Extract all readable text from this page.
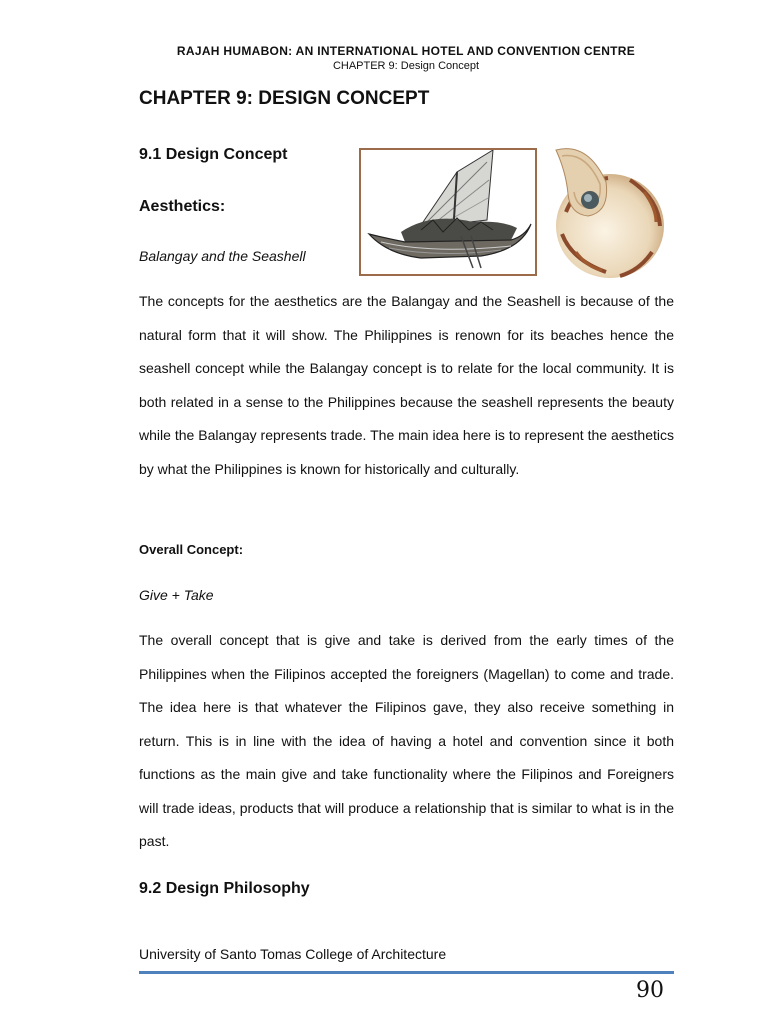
RAJAH HUMABON: AN INTERNATIONAL HOTEL AND CONVENTION CENTRE
CHAPTER 9: Design Concept
CHAPTER 9: DESIGN CONCEPT
9.1 Design Concept
Aesthetics:
Balangay and the Seashell

The concepts for the aesthetics are the Balangay and the Seashell is because of the natural form that it will show. The Philippines is renown for its beaches hence the seashell concept while the Balangay concept is to relate for the local community. It is both related in a sense to the Philippines because the seashell represents the beauty while the Balangay represents trade. The main idea here is to represent the aesthetics by what the Philippines is known for historically and culturally.

Overall Concept:
Give + Take

The overall concept that is give and take is derived from the early times of the Philippines when the Filipinos accepted the foreigners (Magellan) to come and trade. The idea here is that whatever the Filipinos gave, they also receive something in return. This is in line with the idea of having a hotel and convention since it both functions as the main give and take functionality where the Filipinos and Foreigners will trade ideas, products that will produce a relationship that is similar to what is in the past.

9.2 Design Philosophy
University of Santo Tomas College of Architecture
90
